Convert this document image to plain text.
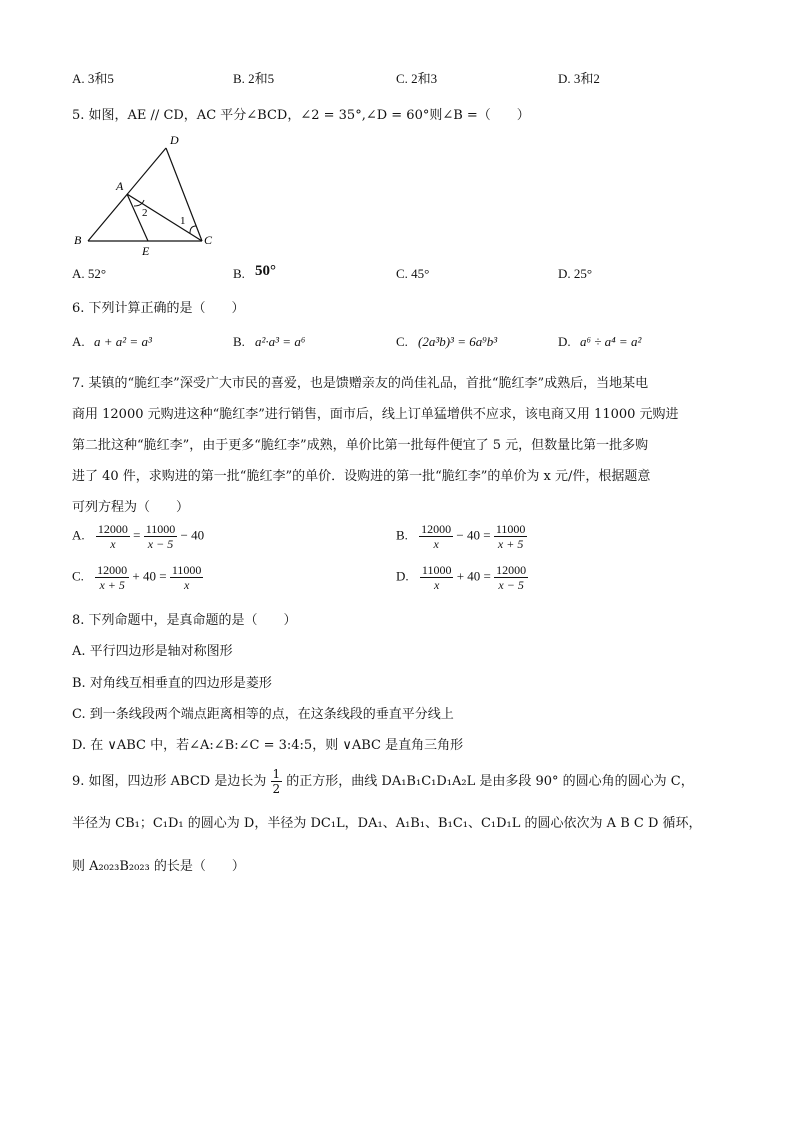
A. 3和5	B. 2和5	C. 2和3	D. 3和2
5. 如图，AE // CD，AC 平分∠BCD，∠2 = 35°,∠D = 60°则∠B =（　　）
D
A
2
1
B
E
C
A. 52°	B. 50°	C. 45°	D. 25°
6. 下列计算正确的是（　　）
A. a + a² = a³	B. a²·a³ = a⁶	C. (2a³b)³ = 6a⁹b³	D. a⁶ ÷ a⁴ = a²
7. 某镇的“脆红李”深受广大市民的喜爱，也是馈赠亲友的尚佳礼品，首批“脆红李”成熟后，当地某电
商用 12000 元购进这种“脆红李”进行销售，面市后，线上订单猛增供不应求，该电商又用 11000 元购进
第二批这种“脆红李”，由于更多“脆红李”成熟，单价比第一批每件便宜了 5 元，但数量比第一批多购
进了 40 件，求购进的第一批“脆红李”的单价．设购进的第一批“脆红李”的单价为 x 元/件，根据题意
可列方程为（　　）
A. $\frac{12000}{x} = \frac{11000}{x - 5} - 40$	B. $\frac{12000}{x} - 40 = \frac{11000}{x + 5}$
C. $\frac{12000}{x + 5} + 40 = \frac{11000}{x}$	D. $\frac{11000}{x} + 40 = \frac{12000}{x - 5}$
8. 下列命题中，是真命题的是（　　）
A. 平行四边形是轴对称图形
B. 对角线互相垂直的四边形是菱形
C. 到一条线段两个端点距离相等的点，在这条线段的垂直平分线上
D. 在 ∨ABC 中，若∠A:∠B:∠C = 3:4:5，则 ∨ABC 是直角三角形
9. 如图，四边形 ABCD 是边长为 $\frac{1}{2}$ 的正方形，曲线 DA₁B₁C₁D₁A₂L 是由多段 90° 的圆心角的圆心为 C，
半径为 CB₁；C₁D₁ 的圆心为 D，半径为 DC₁L，DA₁、A₁B₁、B₁C₁、C₁D₁L 的圆心依次为 A B C D 循环，
则 A₂₀₂₃B₂₀₂₃ 的长是（　　）
